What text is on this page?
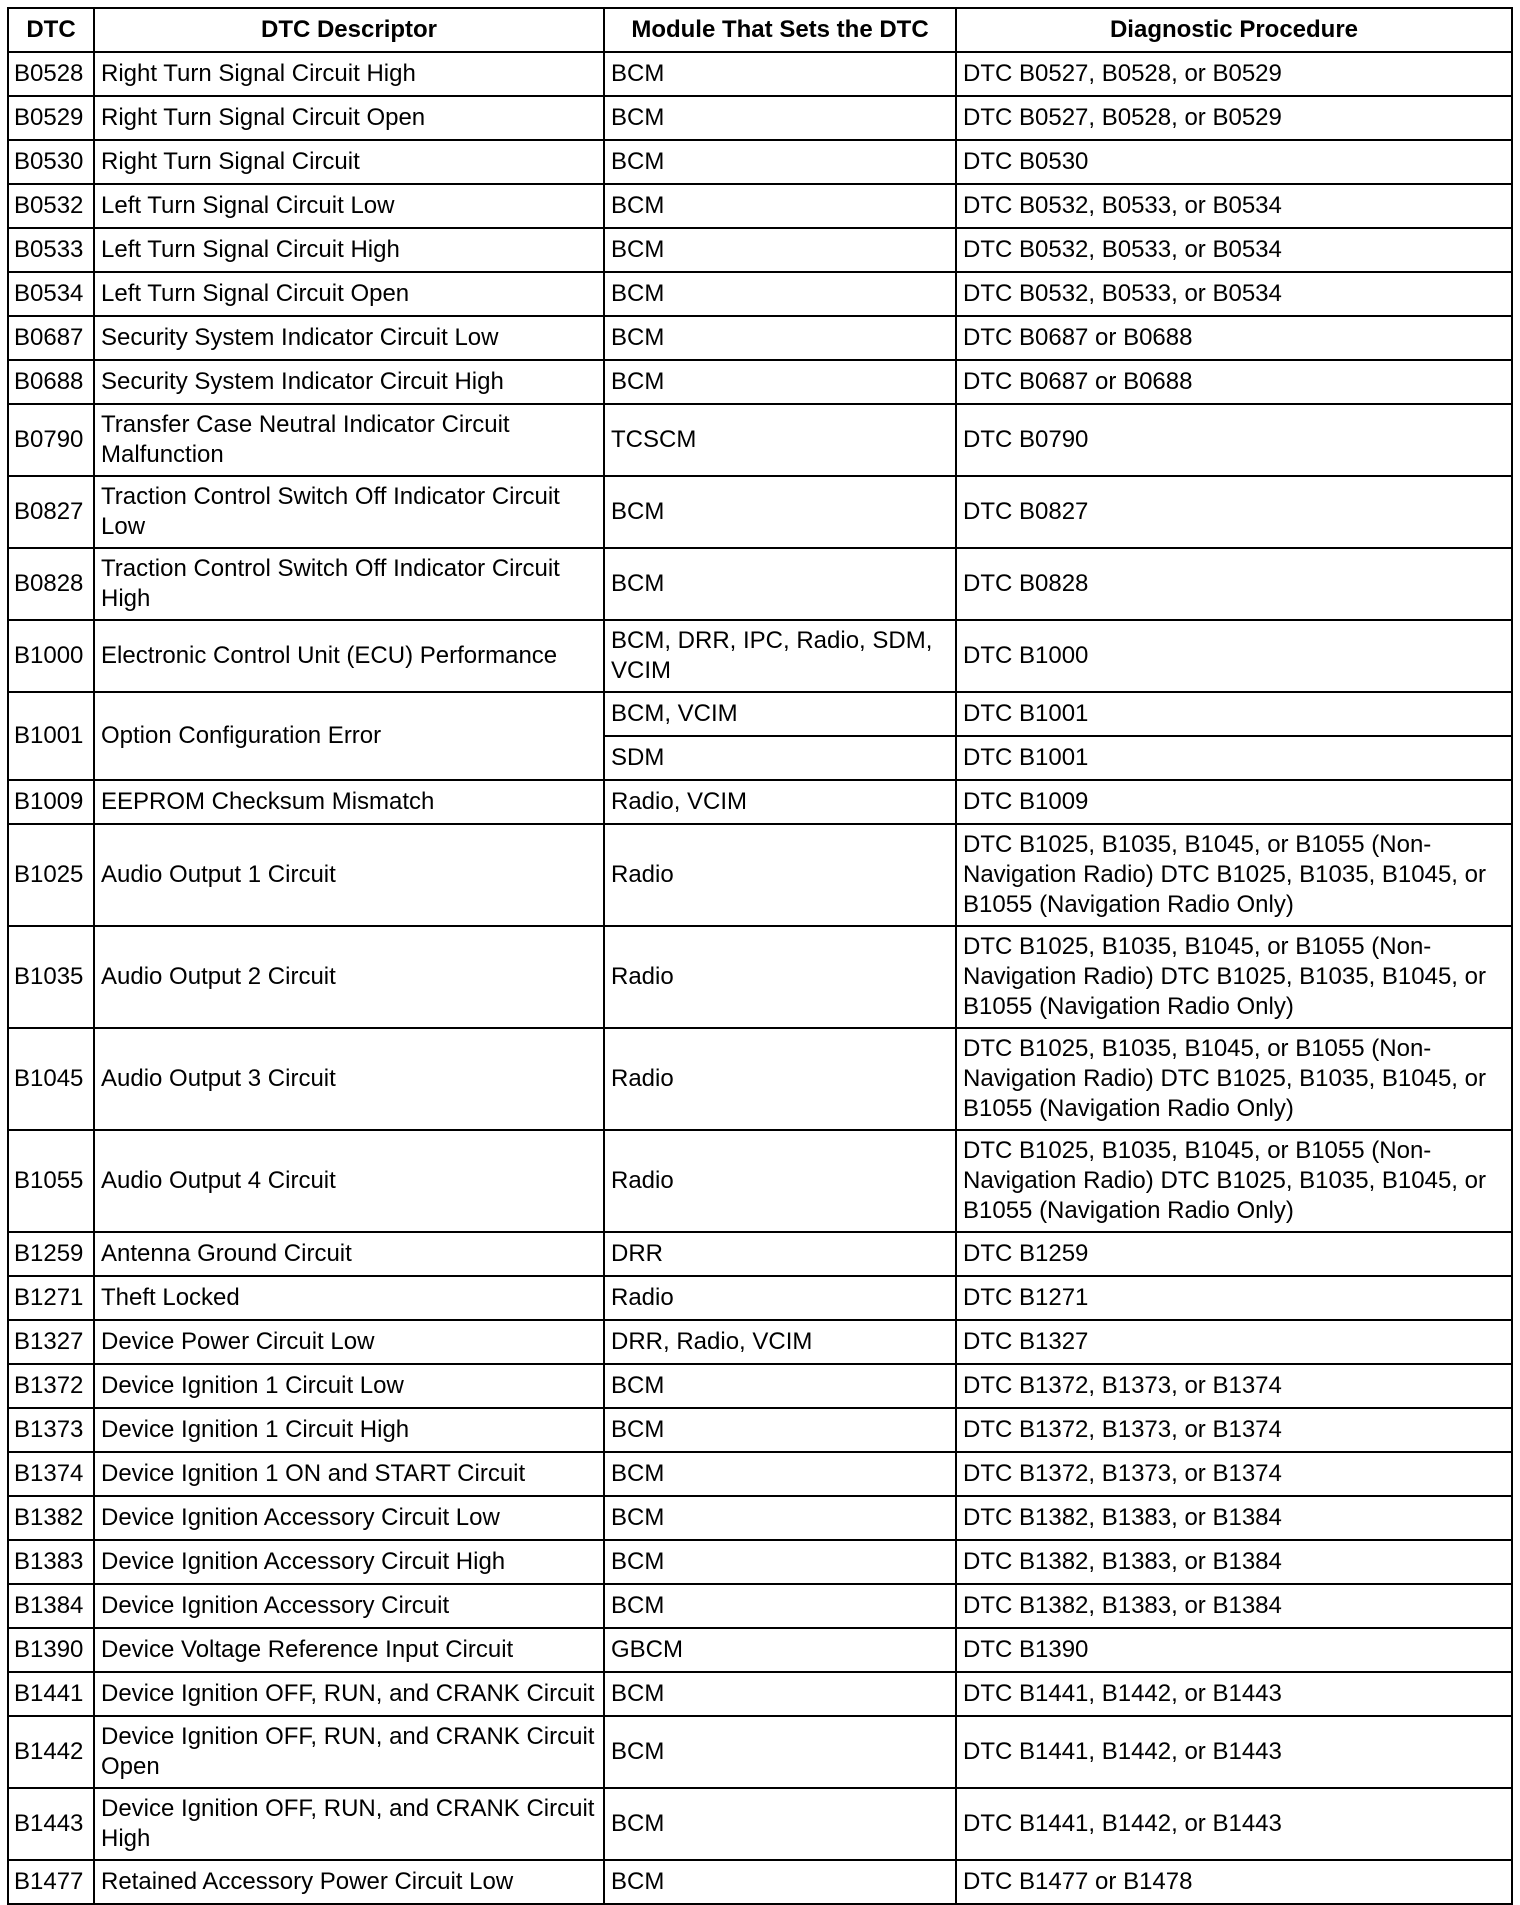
DTC	DTC Descriptor	Module That Sets the DTC	Diagnostic Procedure
B0528	Right Turn Signal Circuit High	BCM	DTC B0527, B0528, or B0529
B0529	Right Turn Signal Circuit Open	BCM	DTC B0527, B0528, or B0529
B0530	Right Turn Signal Circuit	BCM	DTC B0530
B0532	Left Turn Signal Circuit Low	BCM	DTC B0532, B0533, or B0534
B0533	Left Turn Signal Circuit High	BCM	DTC B0532, B0533, or B0534
B0534	Left Turn Signal Circuit Open	BCM	DTC B0532, B0533, or B0534
B0687	Security System Indicator Circuit Low	BCM	DTC B0687 or B0688
B0688	Security System Indicator Circuit High	BCM	DTC B0687 or B0688
B0790	Transfer Case Neutral Indicator Circuit Malfunction	TCSCM	DTC B0790
B0827	Traction Control Switch Off Indicator Circuit Low	BCM	DTC B0827
B0828	Traction Control Switch Off Indicator Circuit High	BCM	DTC B0828
B1000	Electronic Control Unit (ECU) Performance	BCM, DRR, IPC, Radio, SDM, VCIM	DTC B1000
B1001	Option Configuration Error	BCM, VCIM	DTC B1001
		SDM	DTC B1001
B1009	EEPROM Checksum Mismatch	Radio, VCIM	DTC B1009
B1025	Audio Output 1 Circuit	Radio	DTC B1025, B1035, B1045, or B1055 (Non-Navigation Radio) DTC B1025, B1035, B1045, or B1055 (Navigation Radio Only)
B1035	Audio Output 2 Circuit	Radio	DTC B1025, B1035, B1045, or B1055 (Non-Navigation Radio) DTC B1025, B1035, B1045, or B1055 (Navigation Radio Only)
B1045	Audio Output 3 Circuit	Radio	DTC B1025, B1035, B1045, or B1055 (Non-Navigation Radio) DTC B1025, B1035, B1045, or B1055 (Navigation Radio Only)
B1055	Audio Output 4 Circuit	Radio	DTC B1025, B1035, B1045, or B1055 (Non-Navigation Radio) DTC B1025, B1035, B1045, or B1055 (Navigation Radio Only)
B1259	Antenna Ground Circuit	DRR	DTC B1259
B1271	Theft Locked	Radio	DTC B1271
B1327	Device Power Circuit Low	DRR, Radio, VCIM	DTC B1327
B1372	Device Ignition 1 Circuit Low	BCM	DTC B1372, B1373, or B1374
B1373	Device Ignition 1 Circuit High	BCM	DTC B1372, B1373, or B1374
B1374	Device Ignition 1 ON and START Circuit	BCM	DTC B1372, B1373, or B1374
B1382	Device Ignition Accessory Circuit Low	BCM	DTC B1382, B1383, or B1384
B1383	Device Ignition Accessory Circuit High	BCM	DTC B1382, B1383, or B1384
B1384	Device Ignition Accessory Circuit	BCM	DTC B1382, B1383, or B1384
B1390	Device Voltage Reference Input Circuit	GBCM	DTC B1390
B1441	Device Ignition OFF, RUN, and CRANK Circuit	BCM	DTC B1441, B1442, or B1443
B1442	Device Ignition OFF, RUN, and CRANK Circuit Open	BCM	DTC B1441, B1442, or B1443
B1443	Device Ignition OFF, RUN, and CRANK Circuit High	BCM	DTC B1441, B1442, or B1443
B1477	Retained Accessory Power Circuit Low	BCM	DTC B1477 or B1478
